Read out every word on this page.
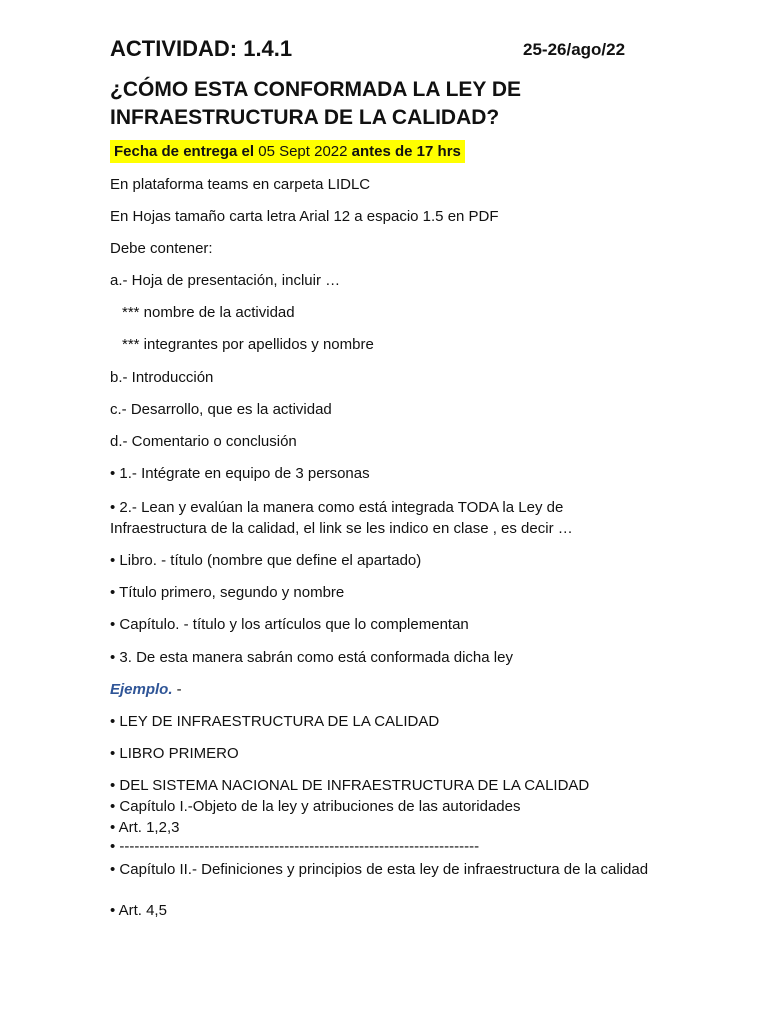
ACTIVIDAD: 1.4.1	25-26/ago/22
¿CÓMO ESTA CONFORMADA LA LEY DE INFRAESTRUCTURA DE LA CALIDAD?
Fecha de entrega el 05 Sept 2022 antes de 17 hrs
En plataforma teams en carpeta LIDLC
En Hojas tamaño carta letra Arial 12 a espacio 1.5 en PDF
Debe contener:
a.- Hoja de presentación, incluir …
*** nombre de la actividad
*** integrantes por apellidos y nombre
b.- Introducción
c.- Desarrollo, que es la actividad
d.- Comentario o conclusión
• 1.- Intégrate en equipo de 3 personas
• 2.- Lean y evalúan la manera como está integrada TODA la Ley de Infraestructura de la calidad, el link se les indico en clase , es decir …
• Libro. - título (nombre que define el apartado)
• Título primero, segundo y nombre
• Capítulo. - título y los artículos que lo complementan
• 3. De esta manera sabrán como está conformada dicha ley
Ejemplo. -
• LEY DE INFRAESTRUCTURA DE LA CALIDAD
• LIBRO PRIMERO
• DEL SISTEMA NACIONAL DE INFRAESTRUCTURA DE LA CALIDAD
• Capítulo I.-Objeto de la ley y atribuciones de las autoridades
• Art. 1,2,3
• ------------------------------------------------------------------------
• Capítulo II.- Definiciones y principios de esta ley de infraestructura de la calidad
• Art. 4,5
